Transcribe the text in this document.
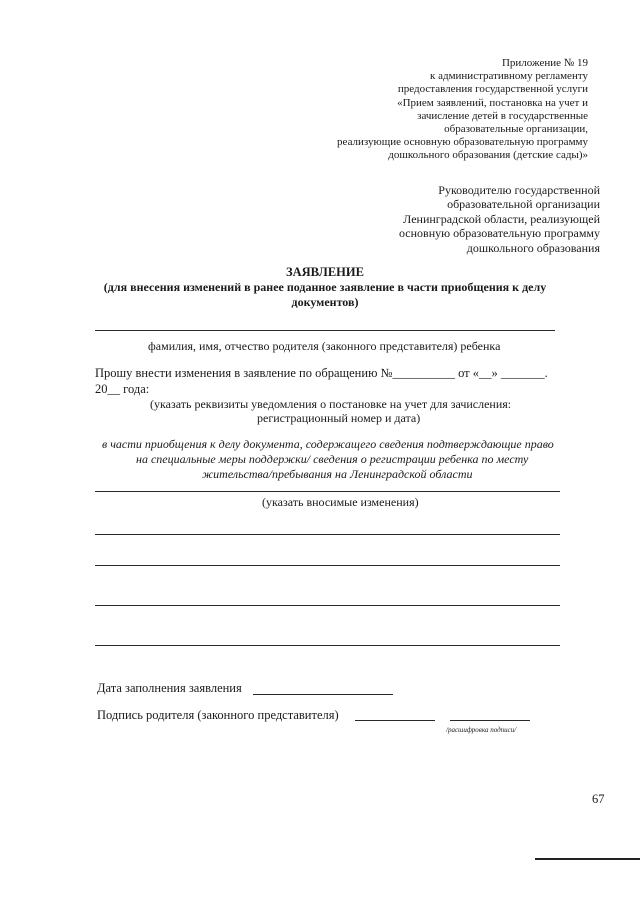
Приложение № 19
к административному регламенту
предоставления государственной услуги
«Прием заявлений, постановка на учет и
зачисление детей в государственные
образовательные организации,
реализующие основную образовательную программу
дошкольного образования (детские сады)»
Руководителю государственной
образовательной организации
Ленинградской области, реализующей
основную образовательную программу
дошкольного образования
ЗАЯВЛЕНИЕ
(для внесения изменений в ранее поданное заявление в части приобщения к делу
документов)
фамилия, имя, отчество родителя (законного представителя) ребенка
Прошу внести изменения в заявление по обращению №__________ от «__» _______.
20__ года:
(указать реквизиты уведомления о постановке на учет для зачисления:
регистрационный номер и дата)
в части приобщения к делу документа, содержащего сведения подтверждающие право
на специальные меры поддержки/ сведения о регистрации ребенка по месту
жительства/пребывания на Ленинградской области
(указать вносимые изменения)
Дата заполнения заявления
Подпись родителя (законного представителя)
/расшифровка подписи/
67
